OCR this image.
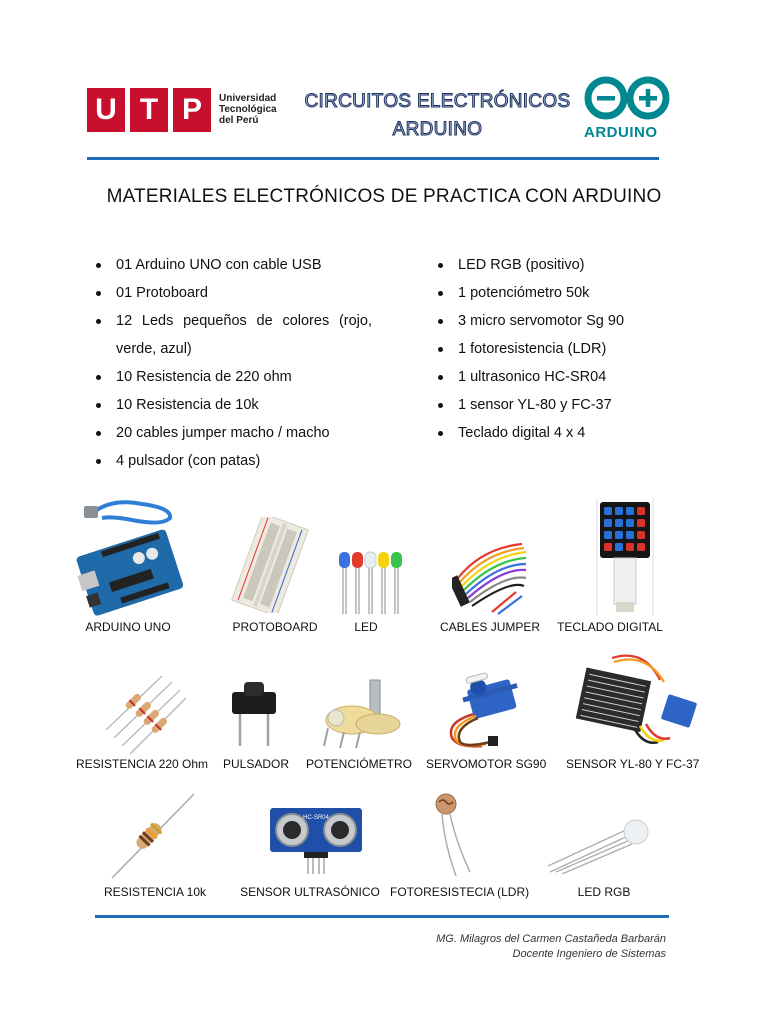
U T P	Universidad
Tecnológica
del Perú
CIRCUITOS ELECTRÓNICOS
ARDUINO	ARDUINO
MATERIALES ELECTRÓNICOS DE PRACTICA CON ARDUINO
01 Arduino UNO con cable USB
01 Protoboard
12 Leds pequeños de colores (rojo, verde, azul)
10 Resistencia de 220 ohm
10 Resistencia de 10k
20 cables jumper macho / macho
4 pulsador (con patas)
LED RGB (positivo)
1 potenciómetro 50k
3 micro servomotor Sg 90
1 fotoresistencia (LDR)
1 ultrasonico HC-SR04
1 sensor YL-80 y FC-37
Teclado digital 4 x 4
ARDUINO UNO	PROTOBOARD	LED	CABLES JUMPER TECLADO DIGITAL
RESISTENCIA 220 Ohm PULSADOR POTENCIÓMETRO SERVOMOTOR SG90 SENSOR YL-80 Y FC-37
RESISTENCIA 10k
HC-SR04
SENSOR ULTRASÓNICO FOTORESISTECIA (LDR)	LED RGB
MG. Milagros del Carmen Castañeda Barbarán
Docente Ingeniero de Sistemas
